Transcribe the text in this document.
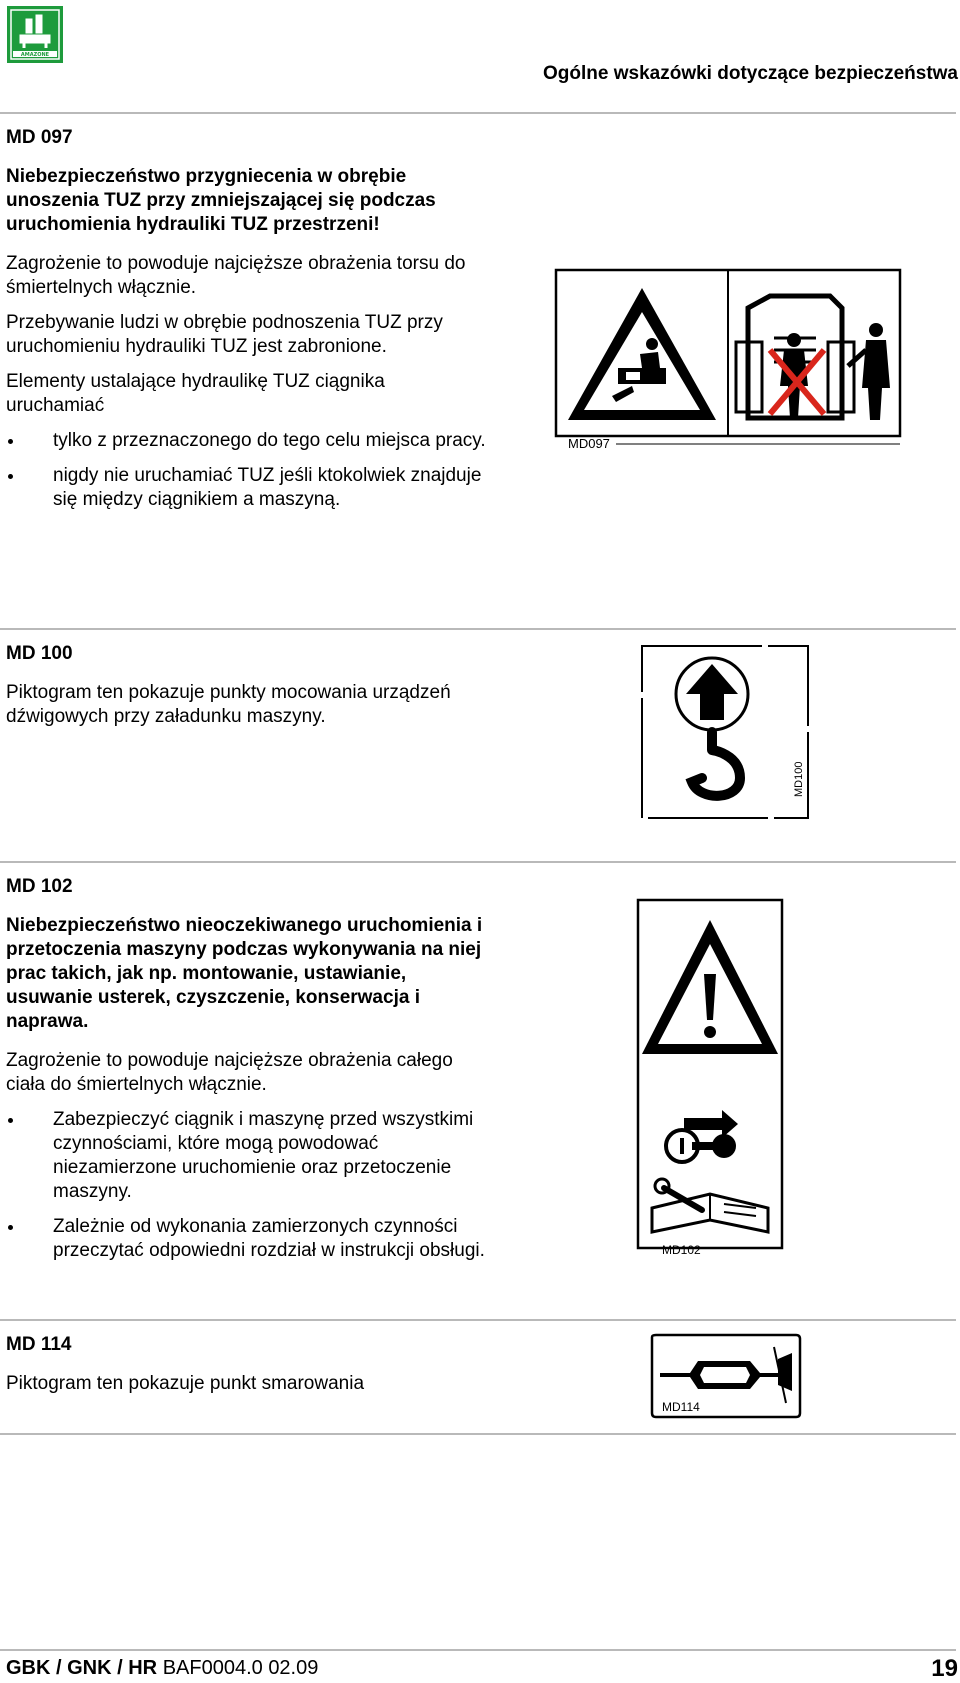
AMAZONE
Ogólne wskazówki dotyczące bezpieczeństwa
MD 097
Niebezpieczeństwo przygniecenia w obrębie unoszenia TUZ przy zmniejszającej się podczas uruchomienia hydrauliki TUZ przestrzeni!
Zagrożenie to powoduje najcięższe obrażenia torsu do śmiertelnych włącznie.
Przebywanie ludzi w obrębie podnoszenia TUZ przy uruchomieniu hydrauliki TUZ jest zabronione.
Elementy ustalające hydraulikę TUZ ciągnika uruchamiać
tylko z przeznaczonego do tego celu miejsca pracy.
nigdy nie uruchamiać TUZ jeśli ktokolwiek znajduje się między ciągnikiem a maszyną.
MD097
MD 100
Piktogram ten pokazuje punkty mocowania urządzeń dźwigowych przy załadunku maszyny.
MD100
MD 102
Niebezpieczeństwo nieoczekiwanego uruchomienia i przetoczenia maszyny podczas wykonywania na niej prac takich, jak np. montowanie, ustawianie, usuwanie usterek, czyszczenie, konserwacja i naprawa.
Zagrożenie to powoduje najcięższe obrażenia całego ciała do śmiertelnych włącznie.
Zabezpieczyć ciągnik i maszynę przed wszystkimi czynnościami, które mogą powodować niezamierzone uruchomienie oraz przetoczenie maszyny.
Zależnie od wykonania zamierzonych czynności przeczytać odpowiedni rozdział w instrukcji obsługi.	MD102
MD 114
Piktogram ten pokazuje punkt smarowania
MD114
GBK / GNK / HR BAF0004.0 02.09	19
